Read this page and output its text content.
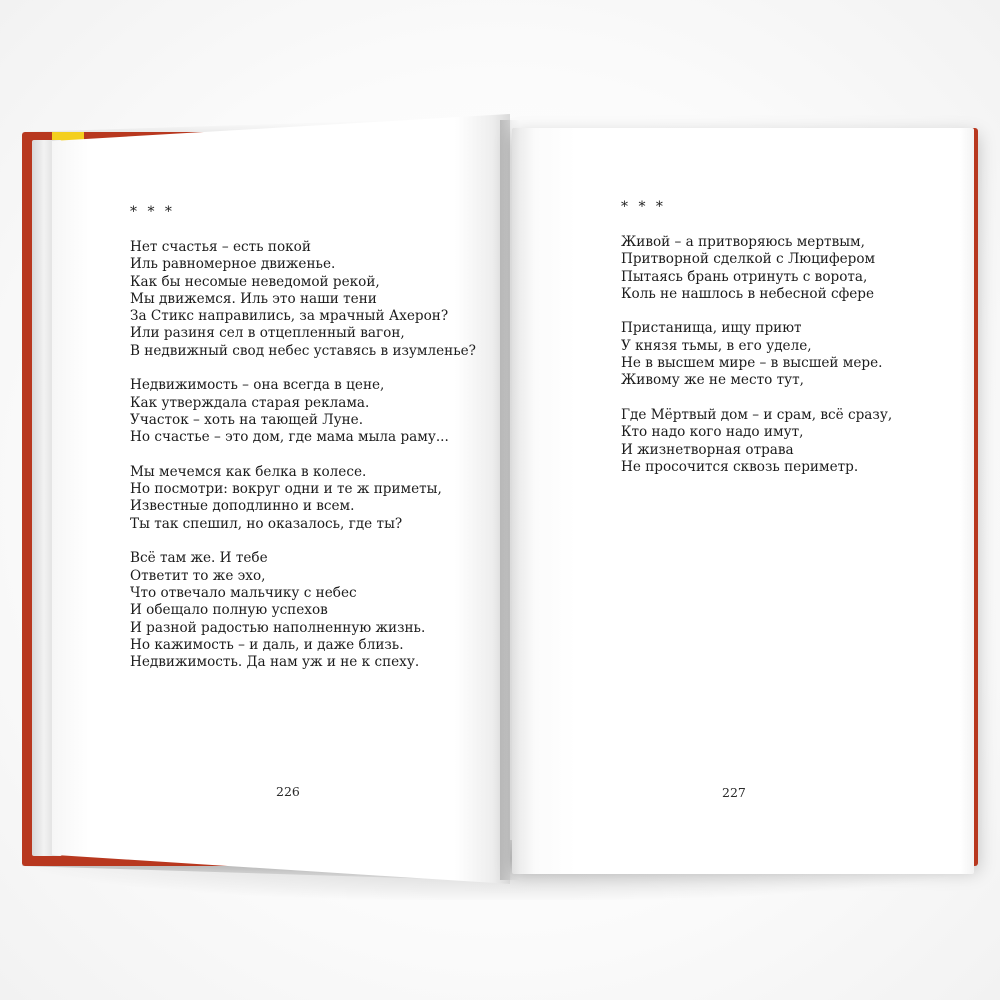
* * *
Нет счастья – есть покой
Иль равномерное движенье.
Как бы несомые неведомой рекой,
Мы движемся. Иль это наши тени
За Стикс направились, за мрачный Ахерон?
Или разиня сел в отцепленный вагон,
В недвижный свод небес уставясь в изумленье?
Недвижимость – она всегда в цене,
Как утверждала старая реклама.
Участок – хоть на тающей Луне.
Но счастье – это дом, где мама мыла раму...
Мы мечемся как белка в колесе.
Но посмотри: вокруг одни и те ж приметы,
Известные доподлинно и всем.
Ты так спешил, но оказалось, где ты?
Всё там же. И тебе
Ответит то же эхо,
Что отвечало мальчику с небес
И обещало полную успехов
И разной радостью наполненную жизнь.
Но кажимость – и даль, и даже близь.
Недвижимость. Да нам уж и не к спеху.
226
* * *
Живой – а притворяюсь мертвым,
Притворной сделкой с Люцифером
Пытаясь брань отринуть с ворота,
Коль не нашлось в небесной сфере
Пристанища, ищу приют
У князя тьмы, в его уделе,
Не в высшем мире – в высшей мере.
Живому же не место тут,
Где Мёртвый дом – и срам, всё сразу,
Кто надо кого надо имут,
И жизнетворная отрава
Не просочится сквозь периметр.
227
